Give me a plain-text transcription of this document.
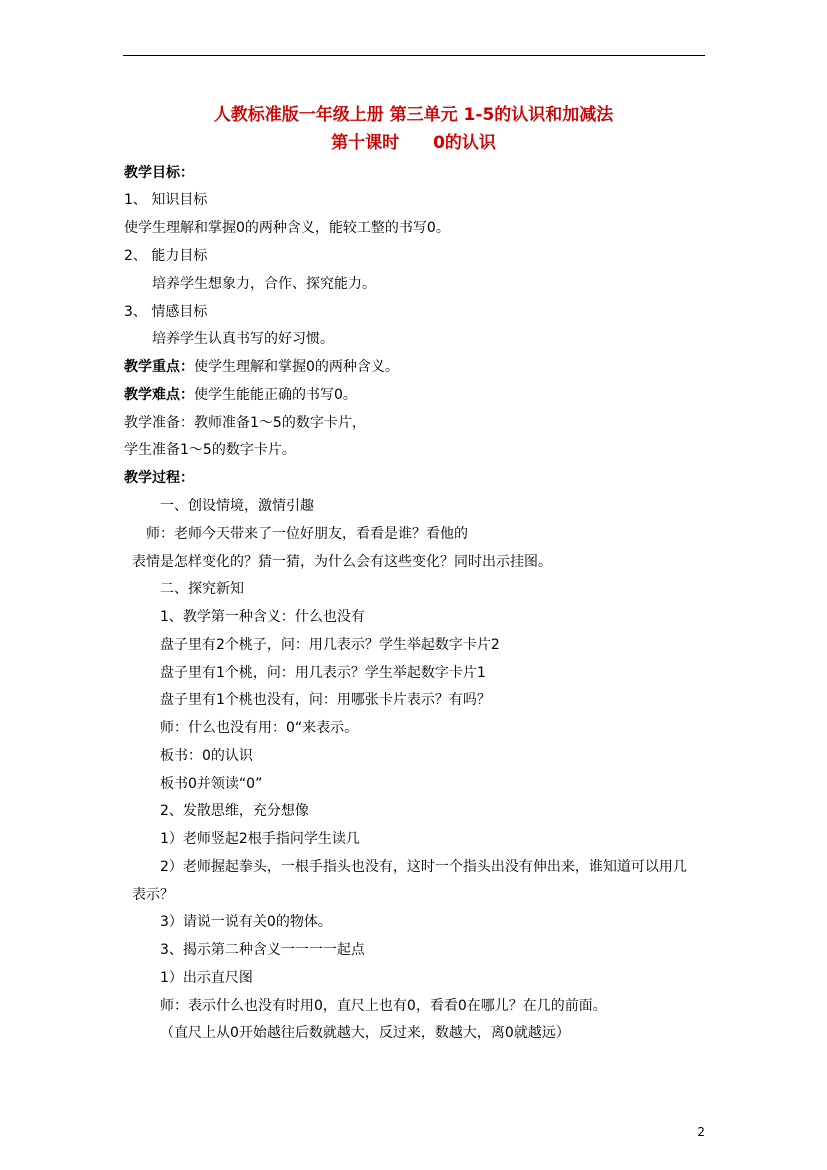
人教标准版一年级上册 第三单元 1-5的认识和加减法
第十课时　　0的认识
教学目标：
1、 知识目标
使学生理解和掌握0的两种含义，能较工整的书写0。
2、 能力目标
培养学生想象力，合作、探究能力。
3、 情感目标
培养学生认真书写的好习惯。
教学重点：使学生理解和掌握0的两种含义。
教学难点：使学生能能正确的书写0。
教学准备：教师准备1～5的数字卡片，
学生准备1～5的数字卡片。
教学过程：
一、创设情境，激情引趣
师：老师今天带来了一位好朋友，看看是谁？看他的
表情是怎样变化的？猜一猜，为什么会有这些变化？同时出示挂图。
二、探究新知
1、教学第一种含义：什么也没有
盘子里有2个桃子，问：用几表示？学生举起数字卡片2
盘子里有1个桃，问：用几表示？学生举起数字卡片1
盘子里有1个桃也没有，问：用哪张卡片表示？有吗？
师：什么也没有用：0“来表示。
板书：0的认识
板书0并领读“0”
2、发散思维，充分想像
1）老师竖起2根手指问学生读几
2）老师握起拳头，一根手指头也没有，这时一个指头出没有伸出来，谁知道可以用几
表示？
3）请说一说有关0的物体。
3、揭示第二种含义一一一一起点
1）出示直尺图
师：表示什么也没有时用0，直尺上也有0，看看0在哪儿？在几的前面。
（直尺上从0开始越往后数就越大，反过来，数越大，离0就越远）
2
